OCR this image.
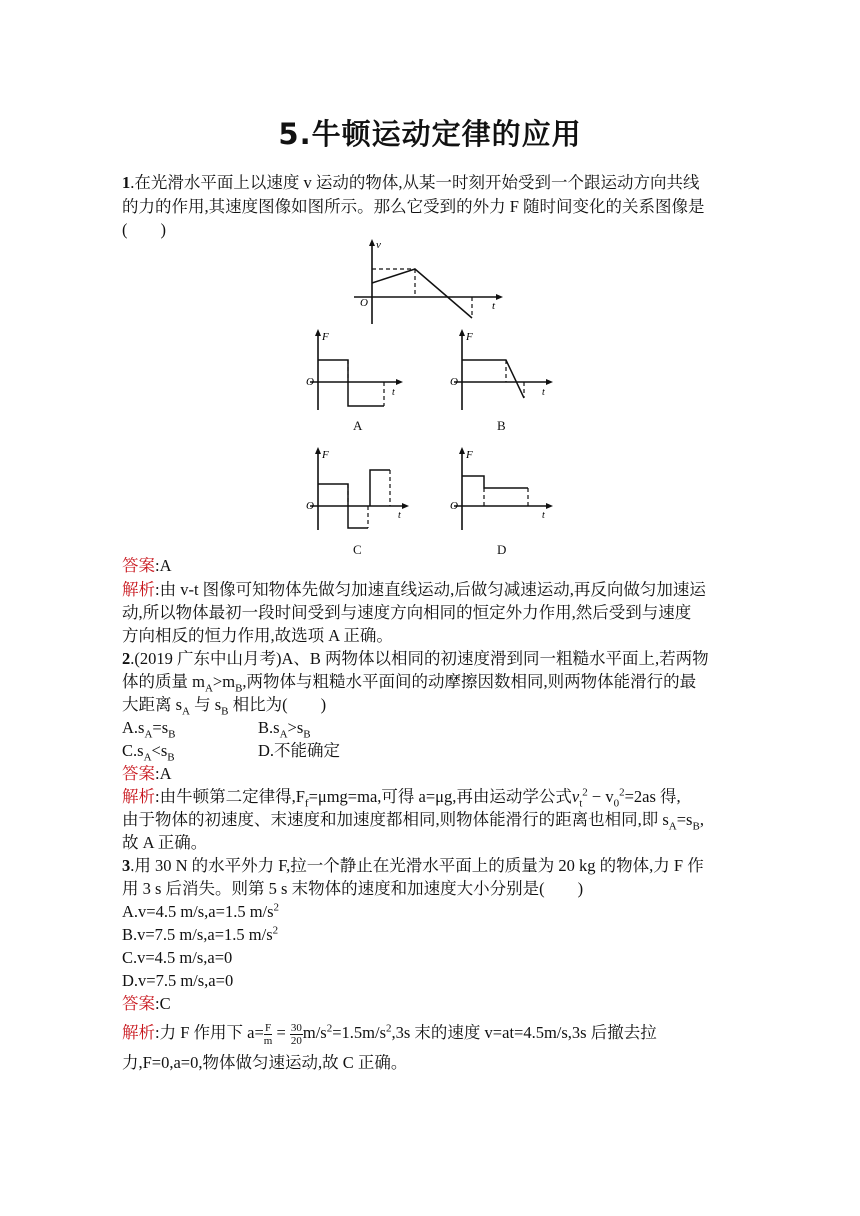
5.牛顿运动定律的应用
1.在光滑水平面上以速度 v 运动的物体,从某一时刻开始受到一个跟运动方向共线
的力的作用,其速度图像如图所示。那么它受到的外力 F 随时间变化的关系图像是
(　　)
v
t
O
F
t
O
A
F
t
O
B
F
t
O
C
F
t
O
D
答案:A
解析:由 v-t 图像可知物体先做匀加速直线运动,后做匀减速运动,再反向做匀加速运
动,所以物体最初一段时间受到与速度方向相同的恒定外力作用,然后受到与速度
方向相反的恒力作用,故选项 A 正确。
2.(2019 广东中山月考)A、B 两物体以相同的初速度滑到同一粗糙水平面上,若两物
体的质量 $m_A>m_B$,两物体与粗糙水平面间的动摩擦因数相同,则两物体能滑行的最
大距离 $s_A$ 与 $s_B$ 相比为(　　)
$A.s_A=s_B$	$B.s_A>s_B$
$C.s_A<s_B$	D.不能确定
答案:A
解析:由牛顿第二定律得$,F_f=\mu mg=ma$,可得 a=μg,再由运动学公式$v_t^2 - v_0^2=2as$ 得,
由于物体的初速度、末速度和加速度都相同,则物体能滑行的距离也相同,即 $s_A=s_B$,
故 A 正确。
3.用 30 N 的水平外力 F,拉一个静止在光滑水平面上的质量为 20 kg 的物体,力 F 作
用 3 s 后消失。则第 5 s 末物体的速度和加速度大小分别是(　　)
A.v=4.5 m/s,a=1.5 $m/s^2$
B.v=7.5 m/s,a=1.5 $m/s^2$
C.v=4.5 m/s,a=0
D.v=7.5 m/s,a=0
答案:C
解析:力 F 作用下 $a= \frac{F}{m} = \frac{30}{20} m/s^2=1.5m/s^2,3s$ 末的速度 v=at=4.5m/s,3s 后撤去拉
力,F=0,a=0,物体做匀速运动,故 C 正确。
